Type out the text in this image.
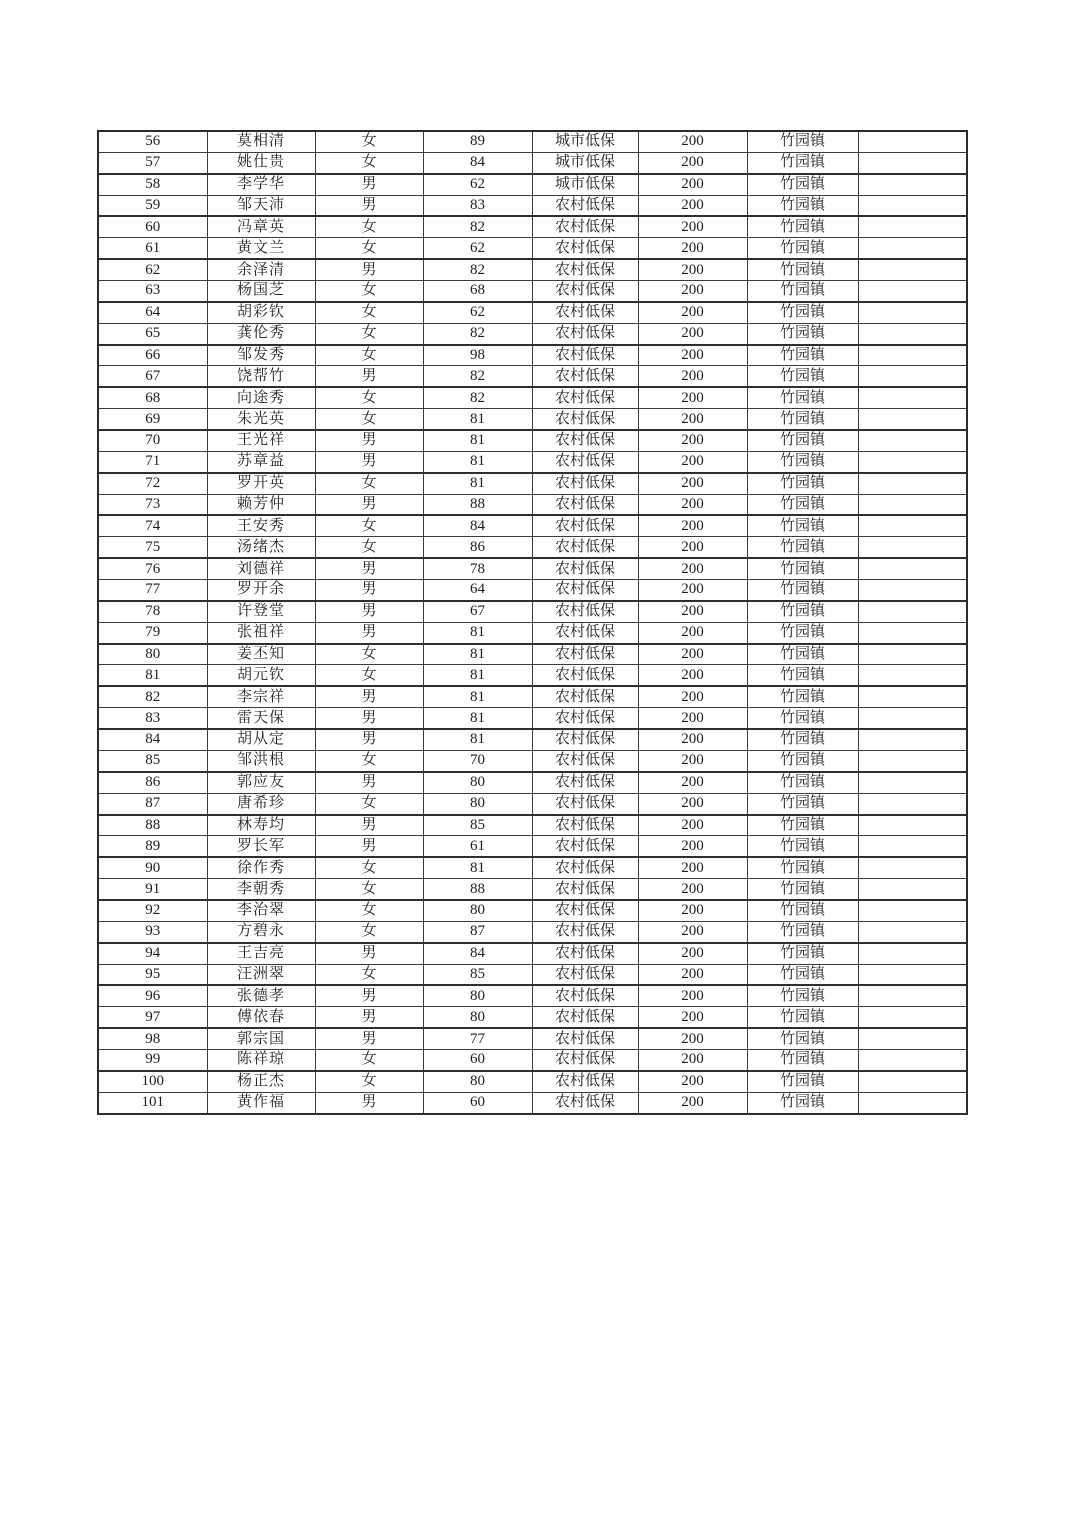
56	莫相清	女	89	城市低保	200	竹园镇	
57	姚仕贵	女	84	城市低保	200	竹园镇	
58	李学华	男	62	城市低保	200	竹园镇	
59	邹天沛	男	83	农村低保	200	竹园镇	
60	冯章英	女	82	农村低保	200	竹园镇	
61	黄文兰	女	62	农村低保	200	竹园镇	
62	余泽清	男	82	农村低保	200	竹园镇	
63	杨国芝	女	68	农村低保	200	竹园镇	
64	胡彩钦	女	62	农村低保	200	竹园镇	
65	龚伦秀	女	82	农村低保	200	竹园镇	
66	邹发秀	女	98	农村低保	200	竹园镇	
67	饶帮竹	男	82	农村低保	200	竹园镇	
68	向途秀	女	82	农村低保	200	竹园镇	
69	朱光英	女	81	农村低保	200	竹园镇	
70	王光祥	男	81	农村低保	200	竹园镇	
71	苏章益	男	81	农村低保	200	竹园镇	
72	罗开英	女	81	农村低保	200	竹园镇	
73	赖芳仲	男	88	农村低保	200	竹园镇	
74	王安秀	女	84	农村低保	200	竹园镇	
75	汤绪杰	女	86	农村低保	200	竹园镇	
76	刘德祥	男	78	农村低保	200	竹园镇	
77	罗开余	男	64	农村低保	200	竹园镇	
78	许登堂	男	67	农村低保	200	竹园镇	
79	张祖祥	男	81	农村低保	200	竹园镇	
80	姜丕知	女	81	农村低保	200	竹园镇	
81	胡元钦	女	81	农村低保	200	竹园镇	
82	李宗祥	男	81	农村低保	200	竹园镇	
83	雷天保	男	81	农村低保	200	竹园镇	
84	胡从定	男	81	农村低保	200	竹园镇	
85	邹洪根	女	70	农村低保	200	竹园镇	
86	郭应友	男	80	农村低保	200	竹园镇	
87	唐希珍	女	80	农村低保	200	竹园镇	
88	林寿均	男	85	农村低保	200	竹园镇	
89	罗长军	男	61	农村低保	200	竹园镇	
90	徐作秀	女	81	农村低保	200	竹园镇	
91	李朝秀	女	88	农村低保	200	竹园镇	
92	李治翠	女	80	农村低保	200	竹园镇	
93	方碧永	女	87	农村低保	200	竹园镇	
94	王吉亮	男	84	农村低保	200	竹园镇	
95	汪洲翠	女	85	农村低保	200	竹园镇	
96	张德孝	男	80	农村低保	200	竹园镇	
97	傅依春	男	80	农村低保	200	竹园镇	
98	郭宗国	男	77	农村低保	200	竹园镇	
99	陈祥琼	女	60	农村低保	200	竹园镇	
100	杨正杰	女	80	农村低保	200	竹园镇	
101	黄作福	男	60	农村低保	200	竹园镇	
